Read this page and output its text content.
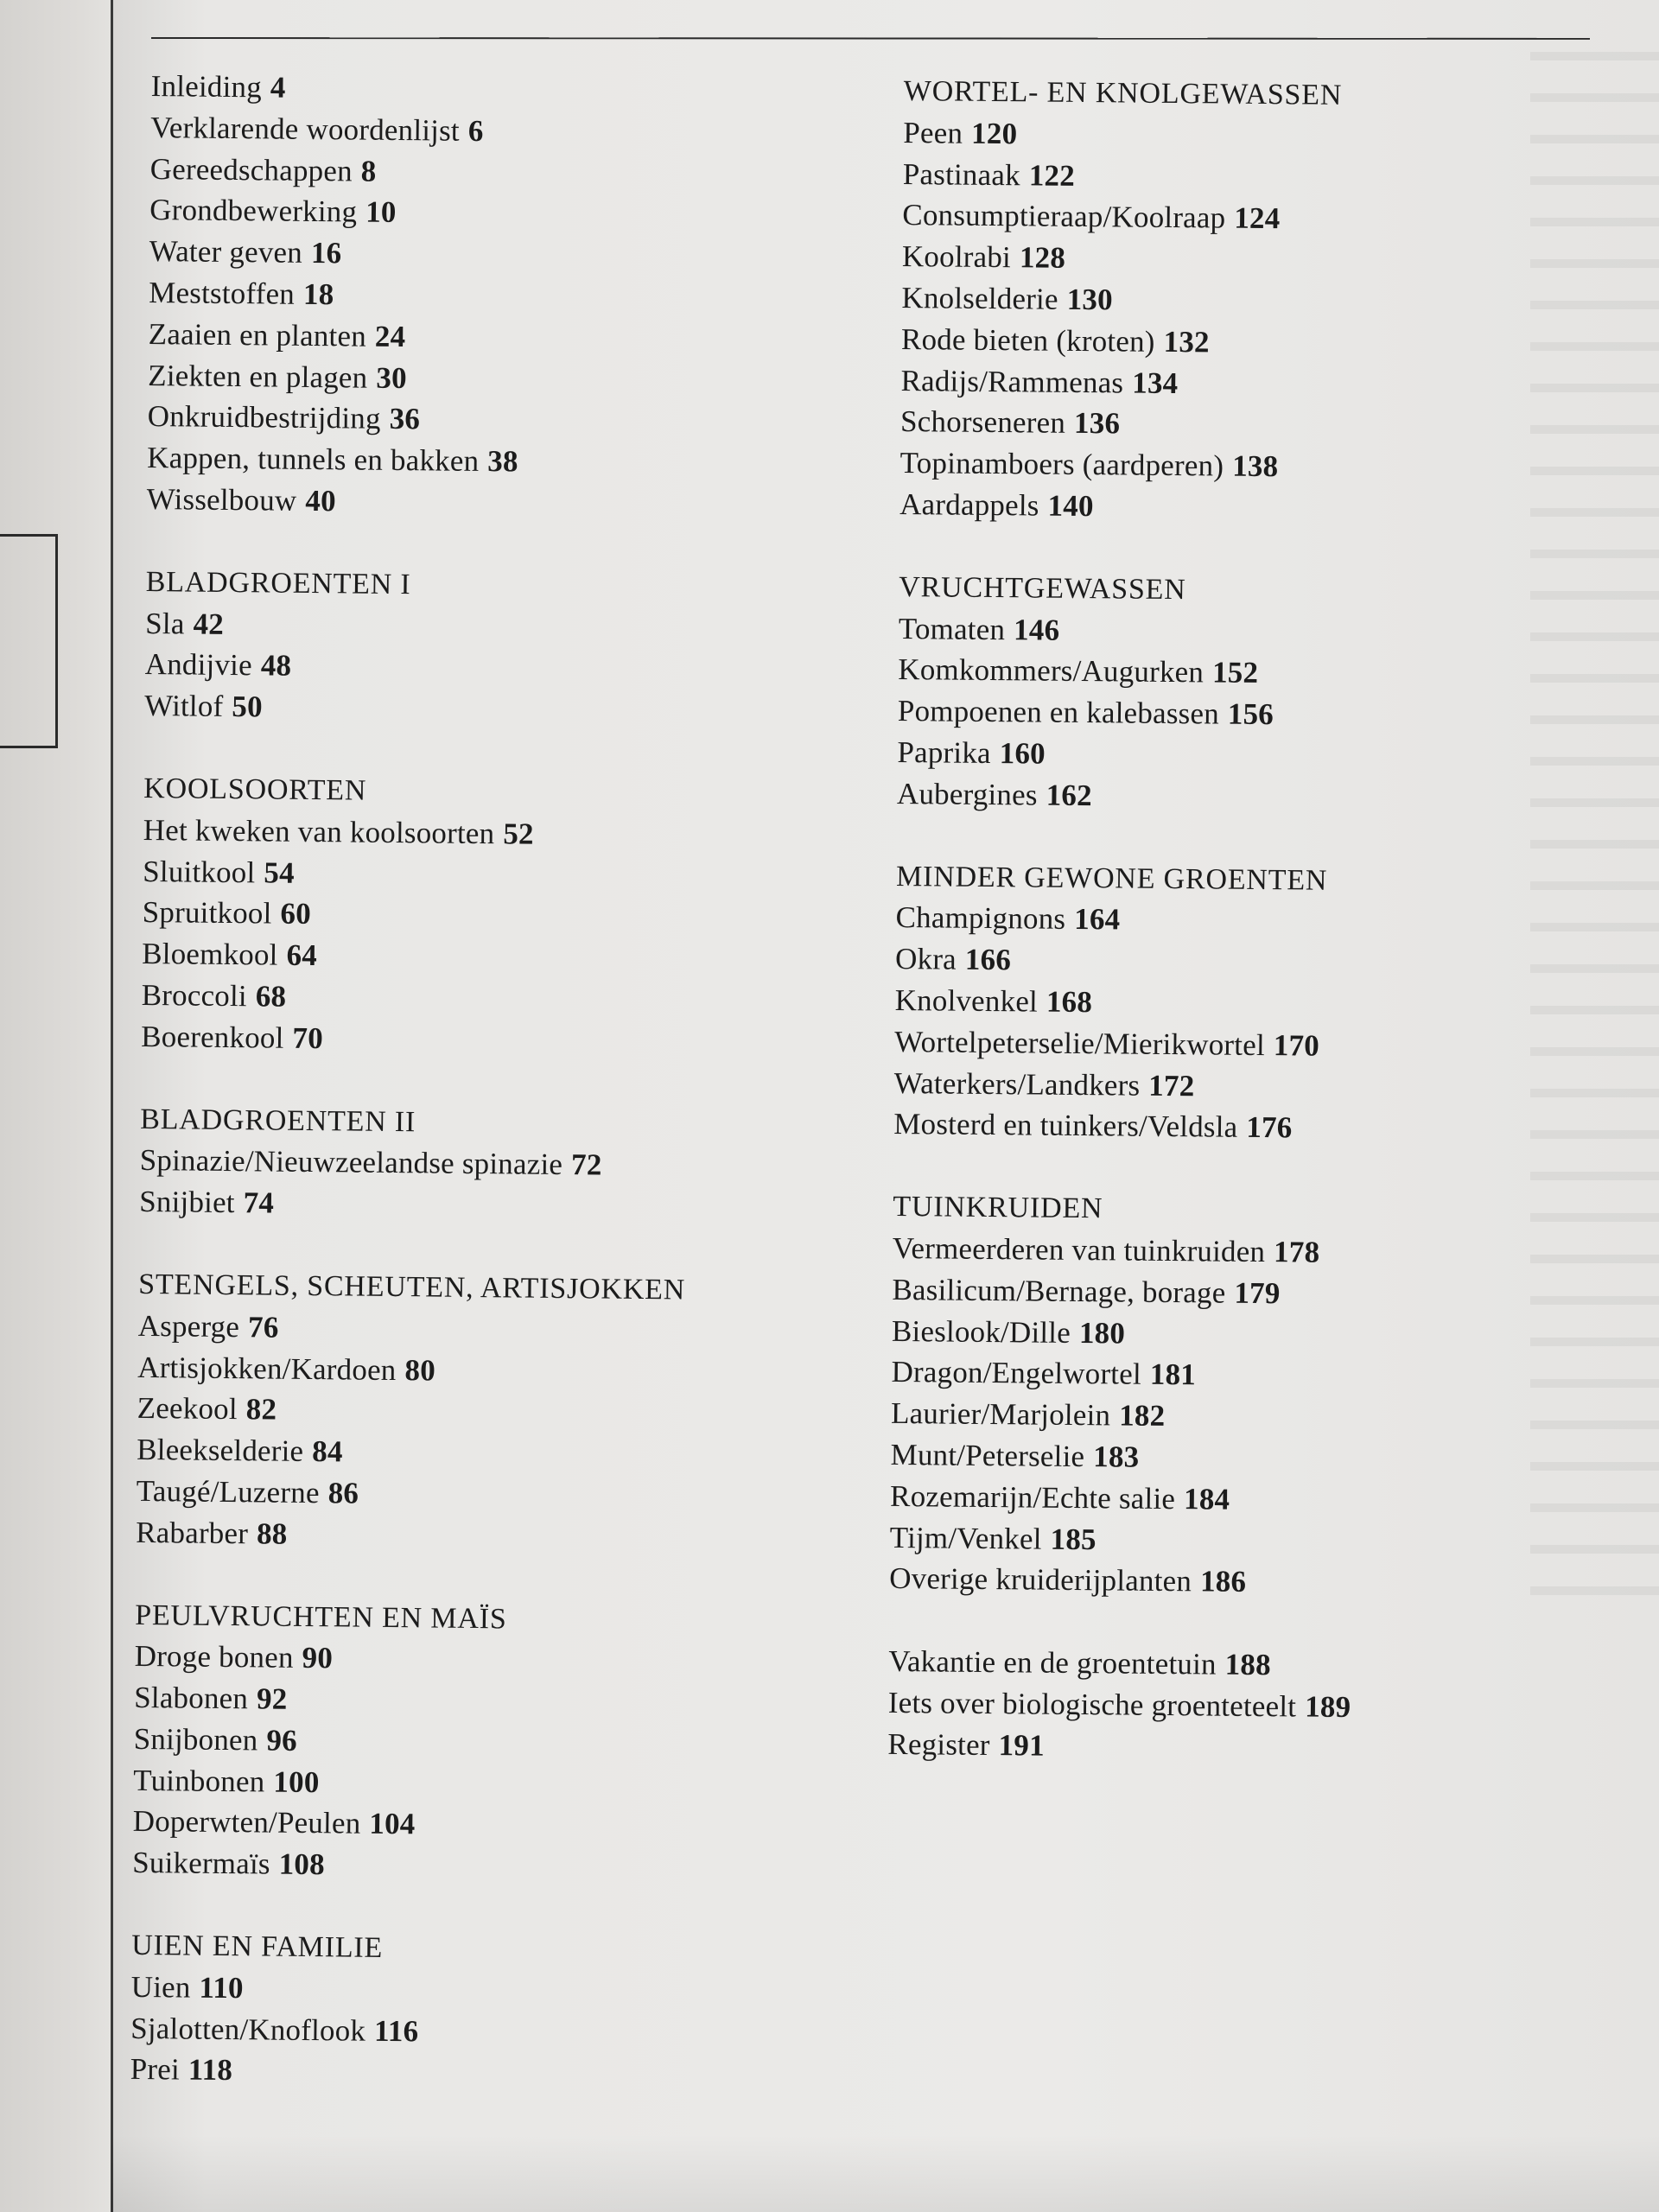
Inleiding 4
Verklarende woordenlijst 6
Gereedschappen 8
Grondbewerking 10
Water geven 16
Meststoffen 18
Zaaien en planten 24
Ziekten en plagen 30
Onkruidbestrijding 36
Kappen, tunnels en bakken 38
Wisselbouw 40
BLADGROENTEN I
Sla 42
Andijvie 48
Witlof 50
KOOLSOORTEN
Het kweken van koolsoorten 52
Sluitkool 54
Spruitkool 60
Bloemkool 64
Broccoli 68
Boerenkool 70
BLADGROENTEN II
Spinazie/Nieuwzeelandse spinazie 72
Snijbiet 74
STENGELS, SCHEUTEN, ARTISJOKKEN
Asperge 76
Artisjokken/Kardoen 80
Zeekool 82
Bleekselderie 84
Taugé/Luzerne 86
Rabarber 88
PEULVRUCHTEN EN MAÏS
Droge bonen 90
Slabonen 92
Snijbonen 96
Tuinbonen 100
Doperwten/Peulen 104
Suikermaïs 108
UIEN EN FAMILIE
Uien 110
Sjalotten/Knoflook 116
Prei 118
WORTEL- EN KNOLGEWASSEN
Peen 120
Pastinaak 122
Consumptieraap/Koolraap 124
Koolrabi 128
Knolselderie 130
Rode bieten (kroten) 132
Radijs/Rammenas 134
Schorseneren 136
Topinamboers (aardperen) 138
Aardappels 140
VRUCHTGEWASSEN
Tomaten 146
Komkommers/Augurken 152
Pompoenen en kalebassen 156
Paprika 160
Aubergines 162
MINDER GEWONE GROENTEN
Champignons 164
Okra 166
Knolvenkel 168
Wortelpeterselie/Mierikwortel 170
Waterkers/Landkers 172
Mosterd en tuinkers/Veldsla 176
TUINKRUIDEN
Vermeerderen van tuinkruiden 178
Basilicum/Bernage, borage 179
Bieslook/Dille 180
Dragon/Engelwortel 181
Laurier/Marjolein 182
Munt/Peterselie 183
Rozemarijn/Echte salie 184
Tijm/Venkel 185
Overige kruiderijplanten 186
Vakantie en de groentetuin 188
Iets over biologische groenteteelt 189
Register 191
